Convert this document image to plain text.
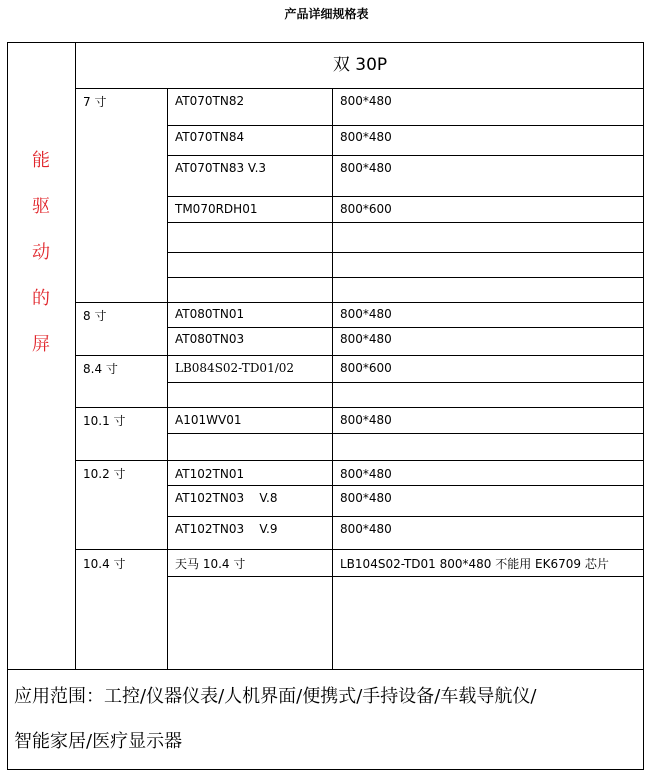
产品详细规格表
能
驱
动
的
屏
双 30P
7 寸
8 寸
8.4 寸
10.1 寸
10.2 寸
10.4 寸
AT070TN82
AT070TN84
AT070TN83 V.3
TM070RDH01
AT080TN01
AT080TN03
LB084S02-TD01/02
A101WV01
AT102TN01
AT102TN03    V.8
AT102TN03    V.9
天马 10.4 寸
800*480
800*480
800*480
800*600
800*480
800*480
800*600
800*480
800*480
800*480
800*480
LB104S02-TD01 800*480 不能用 EK6709 芯片
应用范围：工控/仪器仪表/人机界面/便携式/手持设备/车载导航仪/
智能家居/医疗显示器
